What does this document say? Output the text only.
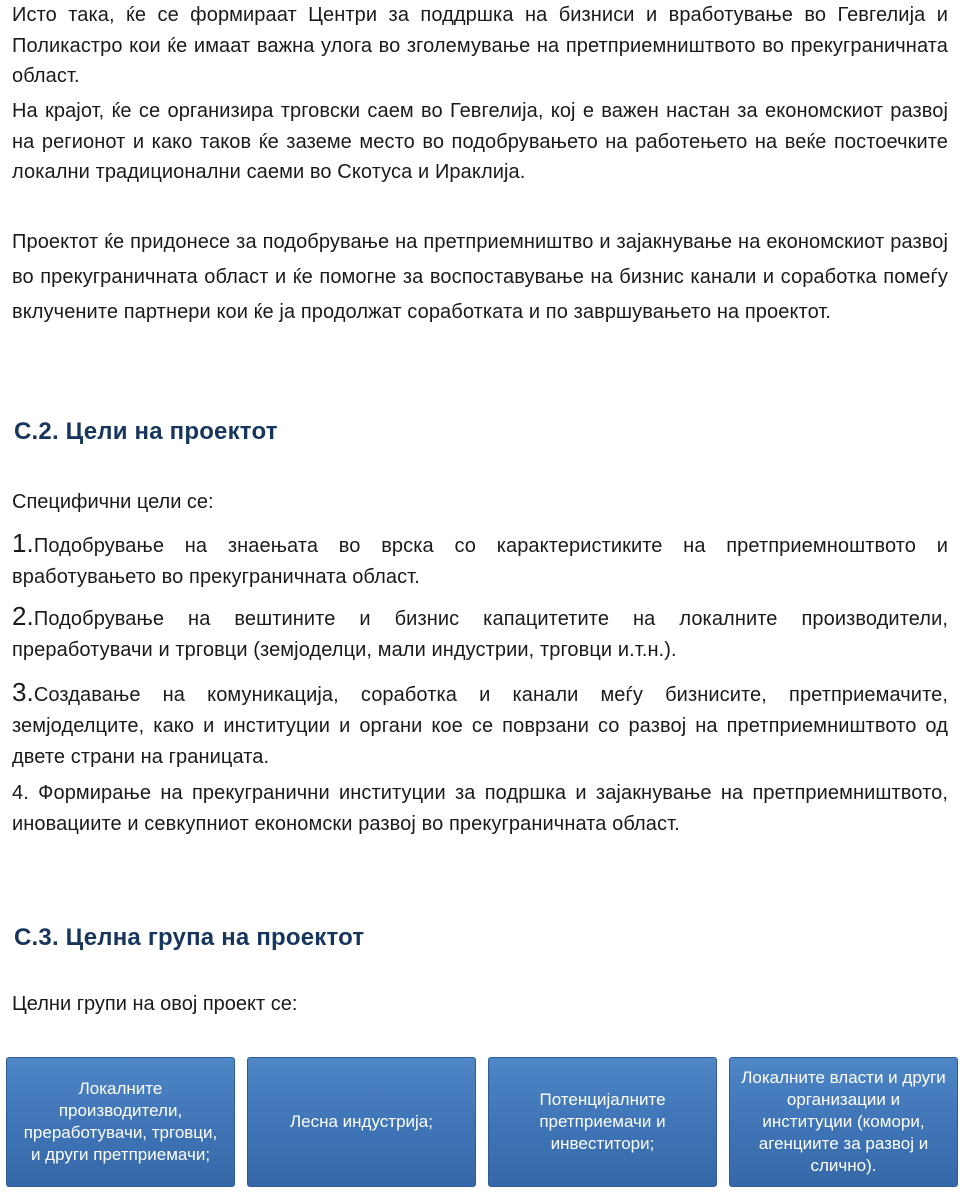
Исто така, ќе се формираат Центри за поддршка на бизниси и вработување во Гевгелија и Поликастро кои ќе имаат важна улога во зголемување на претприемништвото во прекуграничната област.

На крајот, ќе се организира трговски саем во Гевгелија, кој е важен настан за економскиот развој на регионот и како таков ќе заземе место во подобрувањето на работењето на веќе постоечките локални традиционални саеми во Скотуса и Ираклија.

Проектот ќе придонесе за подобрување на претприемништво и зајакнување на економскиот развој во прекуграничната област и ќе помогне за воспоставување на бизнис канали и соработка помеѓу вклучените партнери кои ќе ја продолжат соработката и по завршувањето на проектот.

C.2. Цели на проектот
Специфични цели се:

1.Подобрување на знаењата во врска со карактеристиките на претприемноштвото и вработувањето во прекуграничната област.

2.Подобрување на вештините и бизнис капацитетите на локалните производители, преработувачи и трговци (земјоделци, мали индустрии, трговци и.т.н.).

3.Создавање на комуникација, соработка и канали меѓу бизнисите, претприемачите, земјоделците, како и институции и органи кое се поврзани со развој на претприемништвото од двете страни на границата.

4. Формирање на прекугранични институции за подршка и зајакнување на претприемништвото, иновациите и севкупниот економски развој во прекуграничната област.

C.3. Целна група на проектот
Целни групи на овој проект се:
Локалните производители, преработувачи, трговци, и други претприемачи;
Лесна индустрија;
Потенцијалните претприемачи и инвеститори;
Локалните власти и други организации и институции (комори, агенциите за развој и слично).
